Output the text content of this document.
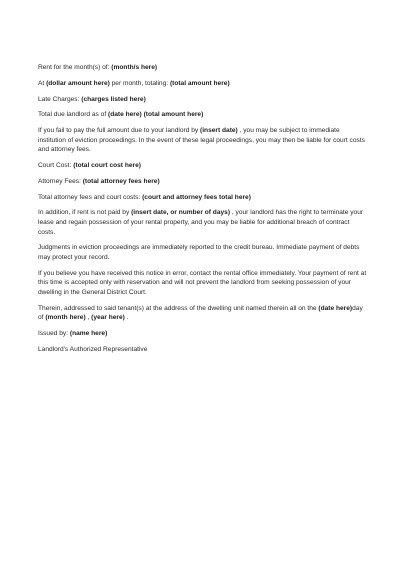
Rent for the month(s) of: (month/s here)

At (dollar amount here) per month, totaling: (total amount here)

Late Charges: (charges listed here)

Total due landlord as of (date here) (total amount here)

If you fail to pay the full amount due to your landlord by (insert date) , you may be subject to immediate institution of eviction proceedings. In the event of these legal proceedings, you may then be liable for court costs and attorney fees.

Court Cost: (total court cost here)

Attorney Fees: (total attorney fees here)

Total attorney fees and court costs: (court and attorney fees total here)

In addition, if rent is not paid by (insert date, or number of days) , your landlord has the right to terminate your lease and regain possession of your rental property, and you may be liable for additional breach of contract costs.

Judgments in eviction proceedings are immediately reported to the credit bureau. Immediate payment of debts may protect your record.

If you believe you have received this notice in error, contact the rental office immediately. Your payment of rent at this time is accepted only with reservation and will not prevent the landlord from seeking possession of your dwelling in the General District Court.

Therein, addressed to said tenant(s) at the address of the dwelling unit named therein all on the (date here)day of (month here) , (year here) .

Issued by: (name here)

Landlord's Authorized Representative
